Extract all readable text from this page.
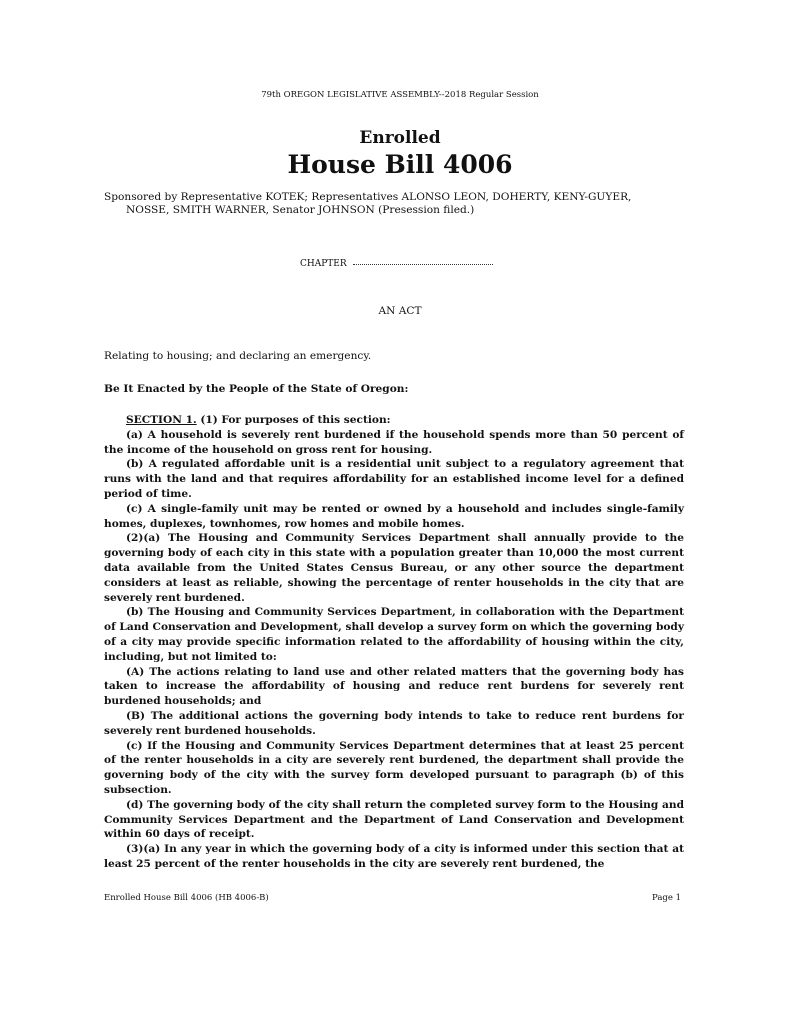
79th OREGON LEGISLATIVE ASSEMBLY--2018 Regular Session
Enrolled
House Bill 4006
Sponsored by Representative KOTEK; Representatives ALONSO LEON, DOHERTY, KENY-GUYER,
NOSSE, SMITH WARNER, Senator JOHNSON (Presession filed.)
CHAPTER
AN ACT
Relating to housing; and declaring an emergency.
Be It Enacted by the People of the State of Oregon:

SECTION 1. (1) For purposes of this section:

(a) A household is severely rent burdened if the household spends more than 50 percent of the income of the household on gross rent for housing.

(b) A regulated affordable unit is a residential unit subject to a regulatory agreement that runs with the land and that requires affordability for an established income level for a defined period of time.

(c) A single-family unit may be rented or owned by a household and includes single-family homes, duplexes, townhomes, row homes and mobile homes.

(2)(a) The Housing and Community Services Department shall annually provide to the governing body of each city in this state with a population greater than 10,000 the most current data available from the United States Census Bureau, or any other source the department considers at least as reliable, showing the percentage of renter households in the city that are severely rent burdened.

(b) The Housing and Community Services Department, in collaboration with the Department of Land Conservation and Development, shall develop a survey form on which the governing body of a city may provide specific information related to the affordability of housing within the city, including, but not limited to:

(A) The actions relating to land use and other related matters that the governing body has taken to increase the affordability of housing and reduce rent burdens for severely rent burdened households; and

(B) The additional actions the governing body intends to take to reduce rent burdens for severely rent burdened households.

(c) If the Housing and Community Services Department determines that at least 25 percent of the renter households in a city are severely rent burdened, the department shall provide the governing body of the city with the survey form developed pursuant to paragraph (b) of this subsection.

(d) The governing body of the city shall return the completed survey form to the Housing and Community Services Department and the Department of Land Conservation and Development within 60 days of receipt.

(3)(a) In any year in which the governing body of a city is informed under this section that at least 25 percent of the renter households in the city are severely rent burdened, the

Enrolled House Bill 4006 (HB 4006-B)	Page 1
